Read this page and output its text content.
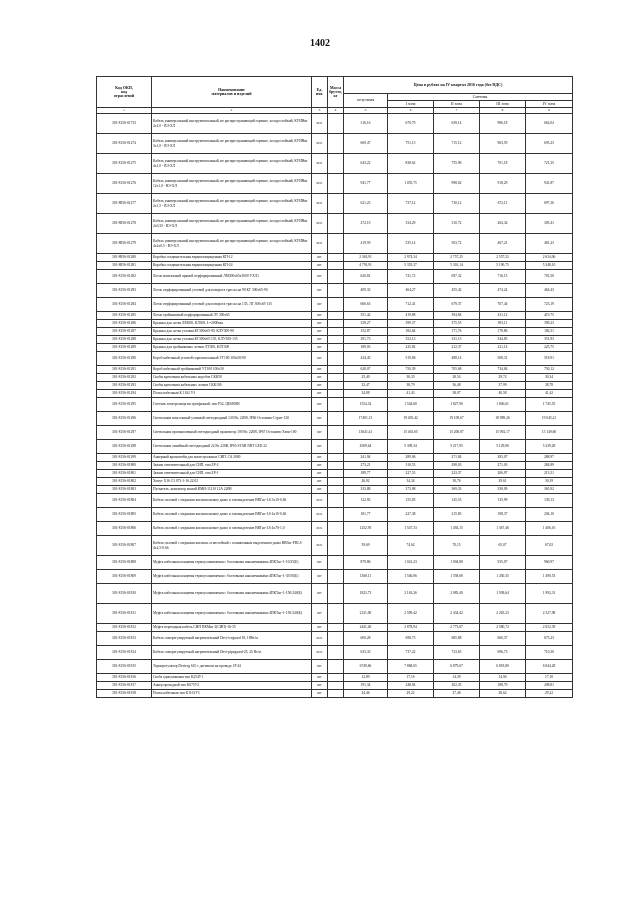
1402
Код ОКП,
код
отраслевой	Наименование
материалов и изделий	Ед.
изм.	Масса
брутто,
кг	Цена в рублях на IV квартал 2016 года (без НДС)				
				отпускная	Сметная			
					I зона	II зона	III зона	IV зона
1	2	3	4	5	6	7	8	9
301-8156-01733	Кабель универсальный инструментальный, не распространяющий горение, холодостойкий, КУИНнг 2х1,0 - ВЭ-ХЛ	м.п.		316,16	670,70	639,14	986,18	662,04
301-8156-01274	Кабель универсальный инструментальный, не распространяющий горение, холодостойкий, КУИНнг 3х1,0 - ВЭ-ХЛ	м.п.		669,47	751,15	715,12	963,59	693,23
301-8156-01275	Кабель универсальный инструментальный, не распространяющий горение, холодостойкий, КУИНнг 4х1,0 - ВЭ-ХЛ	м.п.		643,22	838,62	755,96	701,18	721,35
301-8156-01276	Кабель универсальный инструментальный, не распространяющий горение, холодостойкий, КУИНнг 12х1,0 - ВЭ-ХЛ	м.п.		941,77	1 055,75	998,02	918,29	941,87
301-8856-01277	Кабель универсальный инструментальный, не распространяющий горение, холодостойкий, КУИНнг 2х1,5 - ВЭ-ХЛ	м.п.		621,23	737,12	730,12	672,11	697,36
301-8856-01278	Кабель универсальный инструментальный, не распространяющий горение, холодостойкий, КУИНнг 2х0,35 - ВЭ-ХЛ	м.п.		272,10	334,29	310,72	264,34	305,41
301-8856-01279	Кабель универсальный инструментальный, не распространяющий горение, холодостойкий, КУИНнг 4х2х0,5 - ВЭ-ХЛ	м.п.		419,59	535,14	503,72	467,21	481,23
301-8856-01280	Коробка соединительная взрывозащищенная КП-12	шт		2 363,91	2 974,34	2 757,25	2 557,52	2 634,06
301-8856-01281	Коробка соединительная взрывозащищенная КП-24	шт		4 793,91	5 355,37	5 301,14	5 190,75	5 348,10
301-8156-01282	Лоток монтажный прямой перфорированный ЛМ300х65х3000 УХЛ1	шт		620,81	741,72	697,32	716,15	701,50
301-8156-01283	Лоток перфорированный угловой для поворота трассы на 90 КГ 300х65-90	шт		409,33	464,27	455,42	474,24	464,43
301-8156-01284	Лоток перфорированный угловой для поворота трассы на 135, ЛГ 300х65-135	шт		666,63	712,41	679,37	707,44	723,19
301-8156-01285	Лоток тройниковый перфорированный ЛТ 300х65	шт		351,42	419,88	394,84	411,12	419,75
301-8156-01286	Крышка для лотка ЛМ300, КЛ300, L=2000мм	шт		339,27	399,37	375,55	393,11	399,23
301-8156-01287	Крышка для лотка угловая КГ300х65-90, КЛУ300-90	шт		152,87	182,64	171,76	178,86	182,51
301-8156-01288	Крышка для лотка угловая КГ300х65-135, КЛУ300-135	шт		291,73	352,13	331,15	344,83	351,93
301-8156-01289	Крышка для тройниковых лотков ЛТ300, КЛТ300	шт		189,03	225,82	212,37	221,14	225,75
301-8156-01290	Короб кабельный угловой горизонтальный УГ100 100х50/90	шт		434,45	519,06	488,14	508,31	518,91
301-8156-01291	Короб кабельный тройниковый УТ100 100х50	шт		628,07	750,39	705,68	734,84	750,12
301-8156-01292	Скобы крепления кабельных коробов СКК50	шт		25,40	30,35	28,54	29,72	30,34
301-8156-01293	Скобы крепления кабельных лотков СКК100	шт		32,47	38,79	36,48	37,99	38,78
301-8156-01294	Полка кабельная К 1162 УЗ	шт		34,88	41,43	38,97	40,58	41,42
301-8156-01295	Счетчик электроэнергии трехфазный, тип Р32, ЦЕ6803В	шт		1554,32	1 544,60	1 827,96	1 846,61	1 745,55
301-8156-01296	Светильник консольный уличный светодиодный 120 Вт, 220В, IP66 Остоновк-Стрит-120	шт		17401,13	19 405,42	19 109,67	18 989,26	19 045,21
301-8156-01297	Светильник промышленный светодиодный прожектор 100 Вт, 220В, IP67 Остоновк-Хэви-100	шт		13641,41	15 463,65	15 200,87	15 092,17	15 149,60
301-8156-01298	Светильник линейный светодиодный 22 Вт 220В, IP65 STAR NBT LED 22	шт		4509,64	5 309,34	5 217,95	5 129,80	5 239,28
301-8156-01299	Анкерный кронштейн для магистральных СИП, СА 2000	шт		241,94	289,06	271,84	283,07	288,97
301-8156-01800	Зажим ответвительный для СИП, тип ZP-2	шт		273,21	310,53	298,03	271,03	284,89
301-8156-01801	Зажим ответвительный для СИП, тип ZP-1	шт		189,77	227,53	223,37	206,97	213,51
301-8156-01802	Хомут Х16 СЗ 073-1-16.22.02	шт		26,92	34,34	30,76	29,61	30,19
301-8156-01803	Пускатель, контактор малый КМИ-11210 12А 220В	шт		333,88	373,98	369,33	358,09	365,92
301-8156-01804	Кабель силовой с медными жилами низкое дымо и газовыделение ВВГнг-LS 3х10-0,66	м.п.		122,93	155,83	145,53	135,99	139,13
301-8156-01805	Кабель силовой с медными жилами низкое дымо и газовыделение ВВГнг-LS 4х10-0,66	м.п.		181,77	227,38	215,83	198,37	204,10
301-8156-01806	Кабель силовой с медными жилами низкое дымо и газовыделение ВВГнг-LS 4х70-1,0	м.п.		1252,95	1 547,33	1 492,15	1 367,46	1 406,16
301-8156-01807	Кабель силовой с медными жилами, огнестойкий с пониженным выделением дыма ВВГнг-FRLS 4х2,5-0,66	м.п.		59,69	74,62	70,15	65,07	67,02
301-8156-01808	Муфта кабельная концевая термоусаживаемая с болтовыми наконечниками 4ПКТнг-1-10/25(Б)	шт		879,86	1 041,23	1 004,80	935,07	960,97
301-8156-01809	Муфта кабельная концевая термоусаживаемая с болтовыми наконечниками 4ПКТнг-1-35/50(Б)	шт		1368,11	1 546,06	1 558,68	1 450,35	1 490,53
301-8156-01810	Муфта кабельная концевая термоусаживаемая с болтовыми наконечниками 4ПКТнг-1-150/240(Б)	шт		1823,73	2 163,26	2 083,40	1 938,64	1 992,31
301-8156-01811	Муфта кабельная концевая термоусаживаемая с болтовыми наконечниками 4ПКТнг-1-150/240(Б)	шт		2121,00	2 509,42	2 434,42	2 265,23	2 327,98
301-8156-01812	Муфта переходная кабель СИП ПКМнг 2(СИП)-16-35	шт		2441,40	2 878,94	2 773,67	2 580,72	2 652,39
301-8156-01813	Кабель саморегулируемый нагревательный Devi-iceguard 18, 18Вт/м	м.п.		600,28	698,73	685,88	660,37	673,23
301-8156-01814	Кабель саморегулируемый нагревательный Devi-pipeguard-25, 25 Вт/м	м.п.		633,33	737,22	723,65	696,73	710,30
301-8156-01815	Терморегулятор Devireg 610 с датчиком на проводе, IP 44	шт		6749,66	7 868,65	6 879,67	6 818,80	6 844,28
301-8156-01816	Скоба однолапковая тип К254У1	шт		12,89	17,16	14,39	14,94	17,10
301-8156-01817	Анкер проходной тип К675У2	шт		191,34	248,94	202,35	188,79	208,81
301-8156-01818	Полка кабельная тип К1161У3	шт		24,46	29,22	27,48	28,62	29,22
